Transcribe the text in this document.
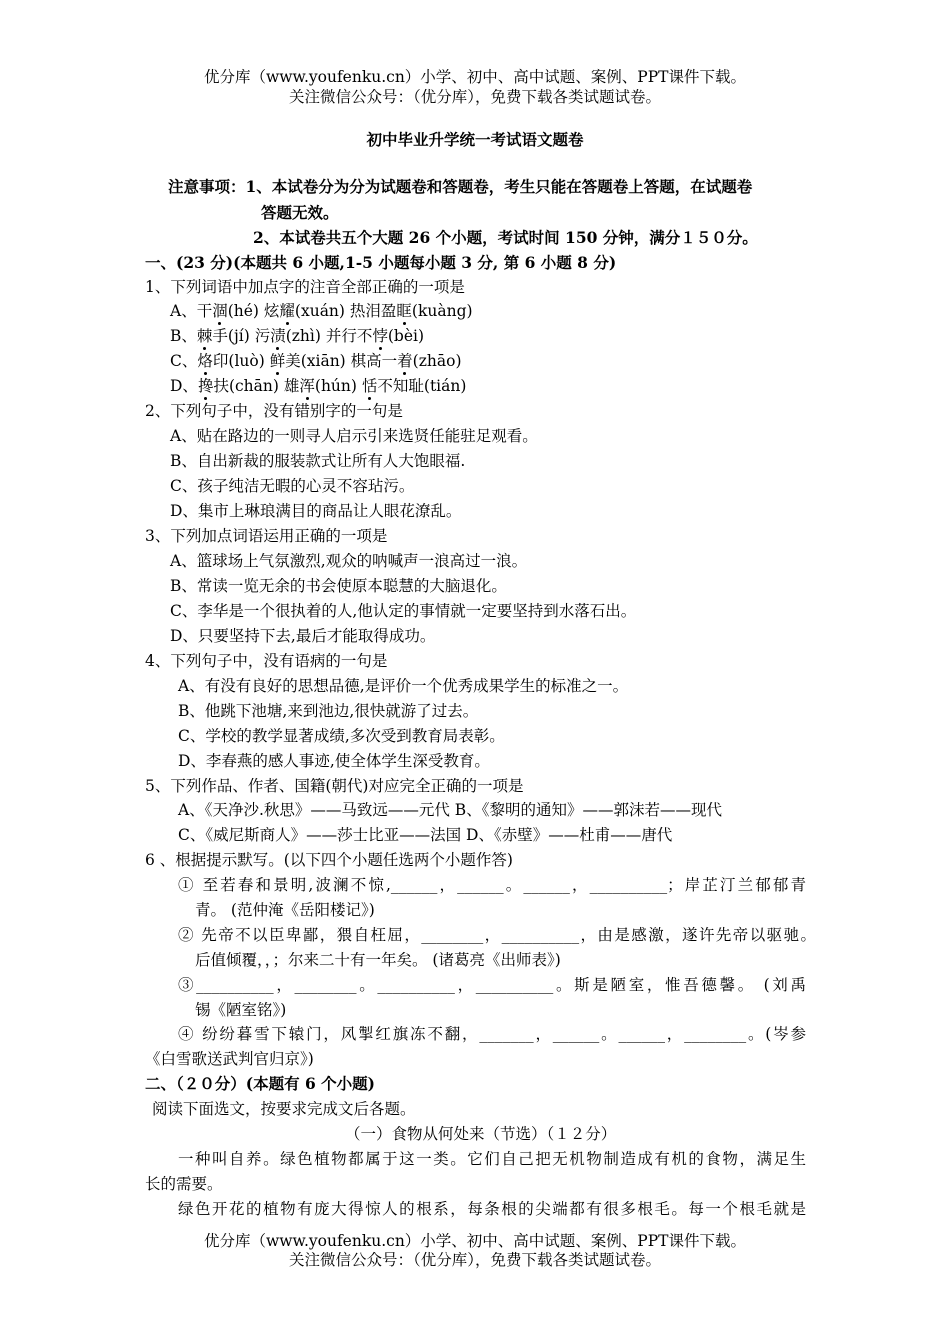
优分库（www.youfenku.cn）小学、初中、高中试题、案例、PPT课件下载。
关注微信公众号：（优分库），免费下载各类试题试卷。
初中毕业升学统一考试语文题卷
注意事项：1、本试卷分为分为试题卷和答题卷，考生只能在答题卷上答题，在试题卷
答题无效。
2、本试卷共五个大题 26 个小题，考试时间 150 分钟，满分１５０分。
一、(23 分)(本题共 6 小题,1-5 小题每小题 3 分, 第 6 小题 8 分)
1、下列词语中加点字的注音全部正确的一项是
A、干涸(hé) 炫耀(xuán) 热泪盈眶(kuàng)
B、棘手(jí) 污渍(zhì) 并行不悖(bèi)
C、烙印(luò) 鲜美(xiān) 棋高一着(zhāo)
D、搀扶(chān) 雄浑(hún) 恬不知耻(tián)
2、下列句子中，没有错别字的一句是
A、贴在路边的一则寻人启示引来选贤任能驻足观看。
B、自出新裁的服装款式让所有人大饱眼福.
C、孩子纯洁无暇的心灵不容玷污。
D、集市上琳琅满目的商品让人眼花潦乱。
3、下列加点词语运用正确的一项是
A、篮球场上气氛激烈,观众的呐喊声一浪高过一浪。
B、常读一览无余的书会使原本聪慧的大脑退化。
C、李华是一个很执着的人,他认定的事情就一定要坚持到水落石出。
D、只要坚持下去,最后才能取得成功。
4、下列句子中，没有语病的一句是
A、有没有良好的思想品德,是评价一个优秀成果学生的标准之一。
B、他跳下池塘,来到池边,很快就游了过去。
C、学校的教学显著成绩,多次受到教育局表彰。
D、李春燕的感人事迹,使全体学生深受教育。
5、下列作品、作者、国籍(朝代)对应完全正确的一项是
A、《天净沙.秋思》——马致远——元代 B、《黎明的通知》——郭沫若——现代
C、《威尼斯商人》——莎士比亚——法国 D、《赤壁》——杜甫——唐代
6 、根据提示默写。(以下四个小题任选两个小题作答)
① 至若春和景明,波澜不惊,______，______。______，__________；岸芷汀兰郁郁青
青。 (范仲淹《岳阳楼记》)
② 先帝不以臣卑鄙，猥自枉屈，________，__________，由是感激，遂许先帝以驱驰。
后值倾覆，，；尔来二十有一年矣。 (诸葛亮《出师表》)
③__________，________。__________，__________。斯是陋室，惟吾德馨。 (刘禹
锡《陋室铭》)
④ 纷纷暮雪下辕门，风掣红旗冻不翻，_______，______。______，________。(岑参
《白雪歌送武判官归京》)
二、（２０分）(本题有 6 个小题)
阅读下面选文，按要求完成文后各题。
（一）食物从何处来（节选）（１２分）
一种叫自养。绿色植物都属于这一类。它们自己把无机物制造成有机的食物，满足生
长的需要。
绿色开花的植物有庞大得惊人的根系，每条根的尖端都有很多根毛。每一个根毛就是
优分库（www.youfenku.cn）小学、初中、高中试题、案例、PPT课件下载。
关注微信公众号：（优分库），免费下载各类试题试卷。
